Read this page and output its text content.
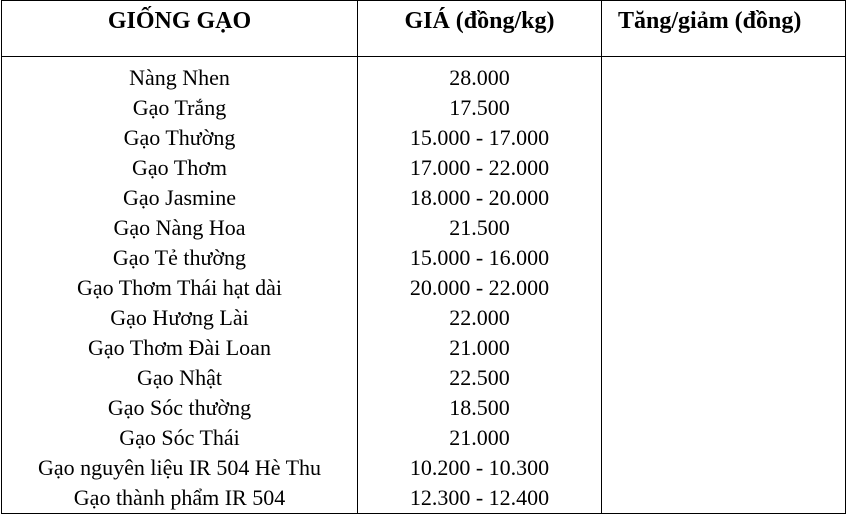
GIỐNG GẠO	GIÁ (đồng/kg)	Tăng/giảm (đồng)
Nàng Nhen	28.000	
Gạo Trắng	17.500	
Gạo Thường	15.000 - 17.000	
Gạo Thơm	17.000 - 22.000	
Gạo Jasmine	18.000 - 20.000	
Gạo Nàng Hoa	21.500	
Gạo Tẻ thường	15.000 - 16.000	
Gạo Thơm Thái hạt dài	20.000 - 22.000	
Gạo Hương Lài	22.000	
Gạo Thơm Đài Loan	21.000	
Gạo Nhật	22.500	
Gạo Sóc thường	18.500	
Gạo Sóc Thái	21.000	
Gạo nguyên liệu IR 504 Hè Thu	10.200 - 10.300	
Gạo thành phẩm IR 504	12.300 - 12.400	
